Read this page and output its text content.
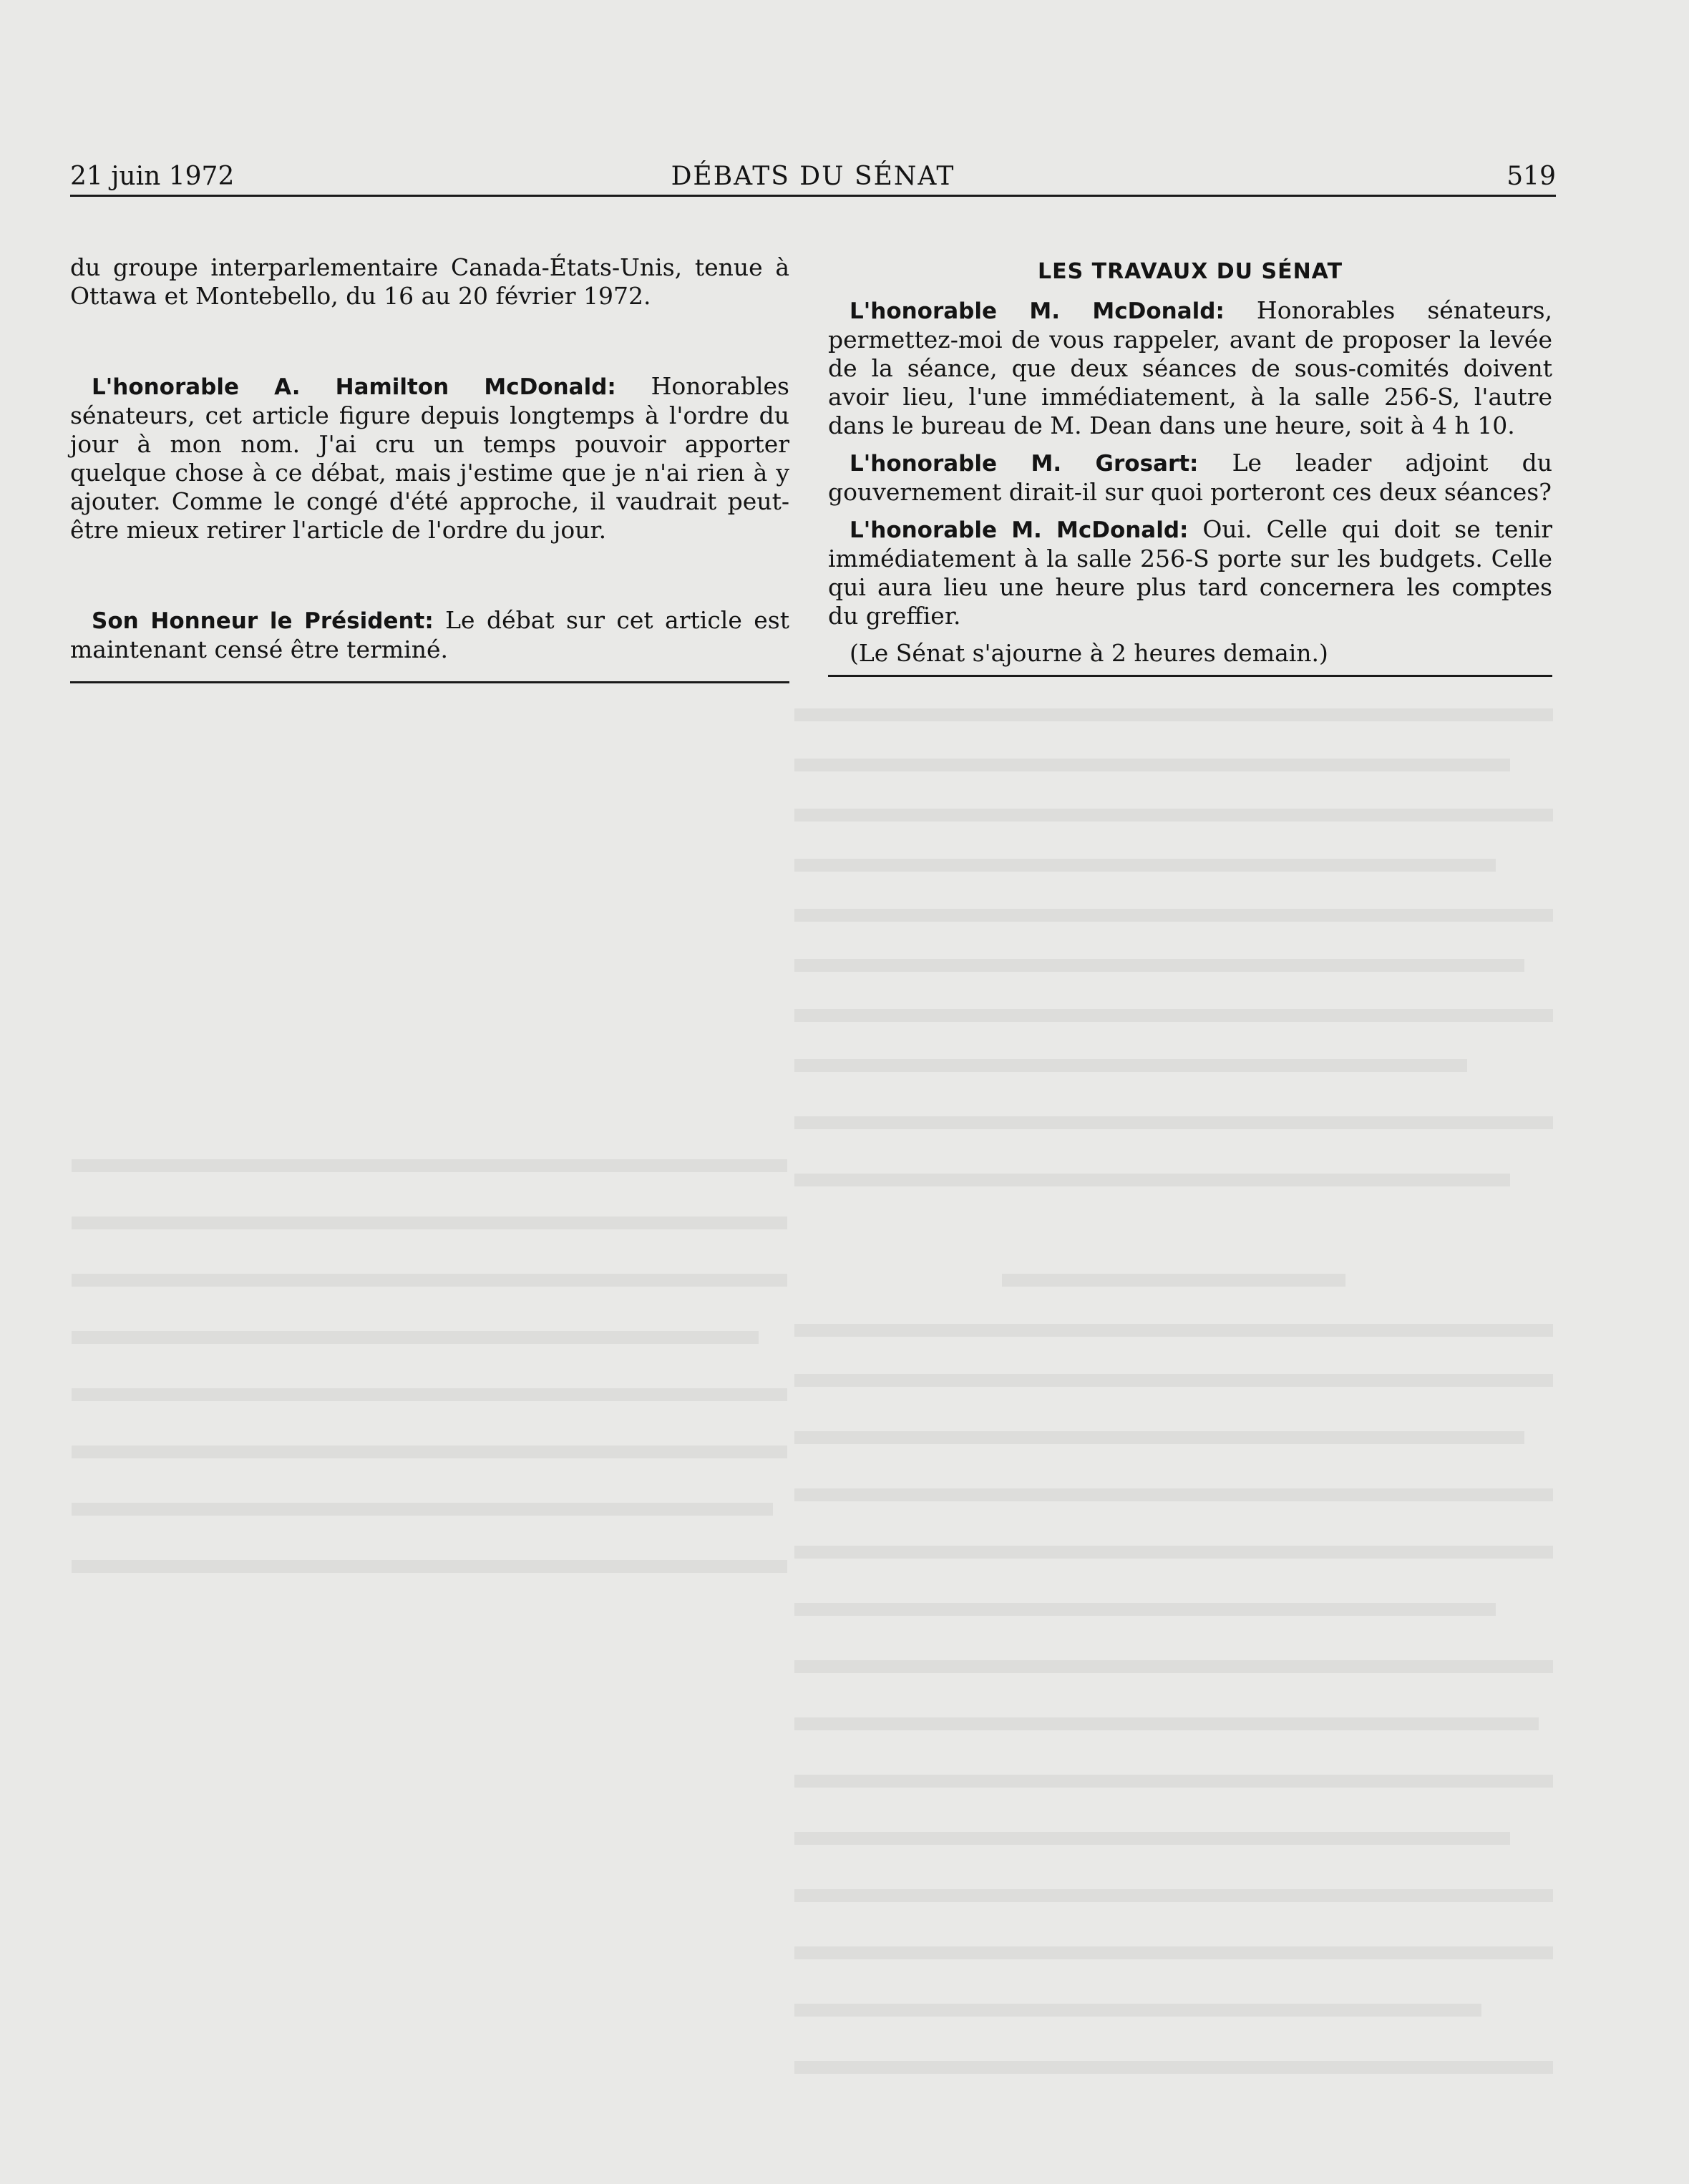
21 juin 1972	DÉBATS DU SÉNAT	519

du groupe interparlementaire Canada-États-Unis, tenue à Ottawa et Montebello, du 16 au 20 février 1972.

L'honorable A. Hamilton McDonald: Honorables sénateurs, cet article figure depuis longtemps à l'ordre du jour à mon nom. J'ai cru un temps pouvoir apporter quelque chose à ce débat, mais j'estime que je n'ai rien à y ajouter. Comme le congé d'été approche, il vaudrait peut-être mieux retirer l'article de l'ordre du jour.

Son Honneur le Président: Le débat sur cet article est maintenant censé être terminé.

LES TRAVAUX DU SÉNAT

L'honorable M. McDonald: Honorables sénateurs, permettez-moi de vous rappeler, avant de proposer la levée de la séance, que deux séances de sous-comités doivent avoir lieu, l'une immédiatement, à la salle 256-S, l'autre dans le bureau de M. Dean dans une heure, soit à 4 h 10.

L'honorable M. Grosart: Le leader adjoint du gouvernement dirait-il sur quoi porteront ces deux séances?

L'honorable M. McDonald: Oui. Celle qui doit se tenir immédiatement à la salle 256-S porte sur les budgets. Celle qui aura lieu une heure plus tard concernera les comptes du greffier.

(Le Sénat s'ajourne à 2 heures demain.)
